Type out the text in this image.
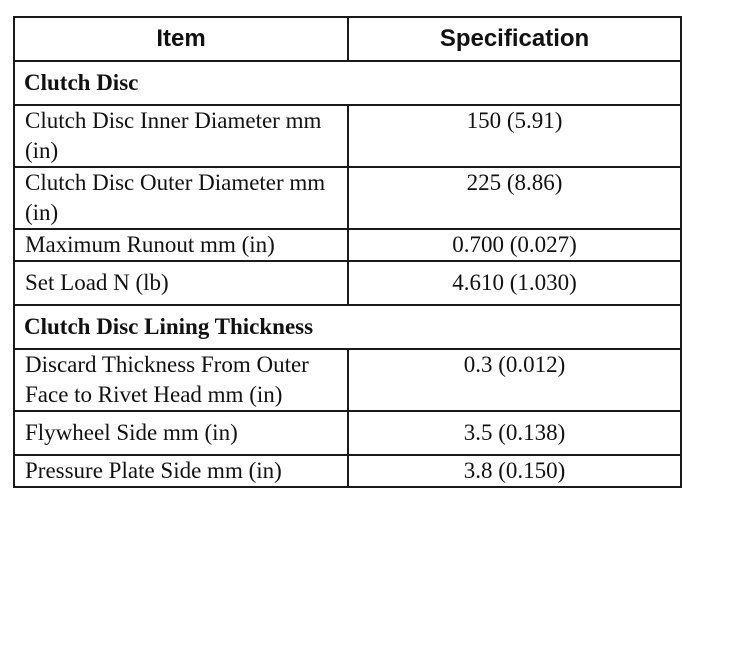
Item	Specification
Clutch Disc	
Clutch Disc Inner Diameter mm (in)	150 (5.91)
Clutch Disc Outer Diameter mm (in)	225 (8.86)
Maximum Runout mm (in)	0.700 (0.027)
Set Load N (lb)	4.610 (1.030)
Clutch Disc Lining Thickness	
Discard Thickness From Outer Face to Rivet Head mm (in)	0.3 (0.012)
Flywheel Side mm (in)	3.5 (0.138)
Pressure Plate Side mm (in)	3.8 (0.150)
